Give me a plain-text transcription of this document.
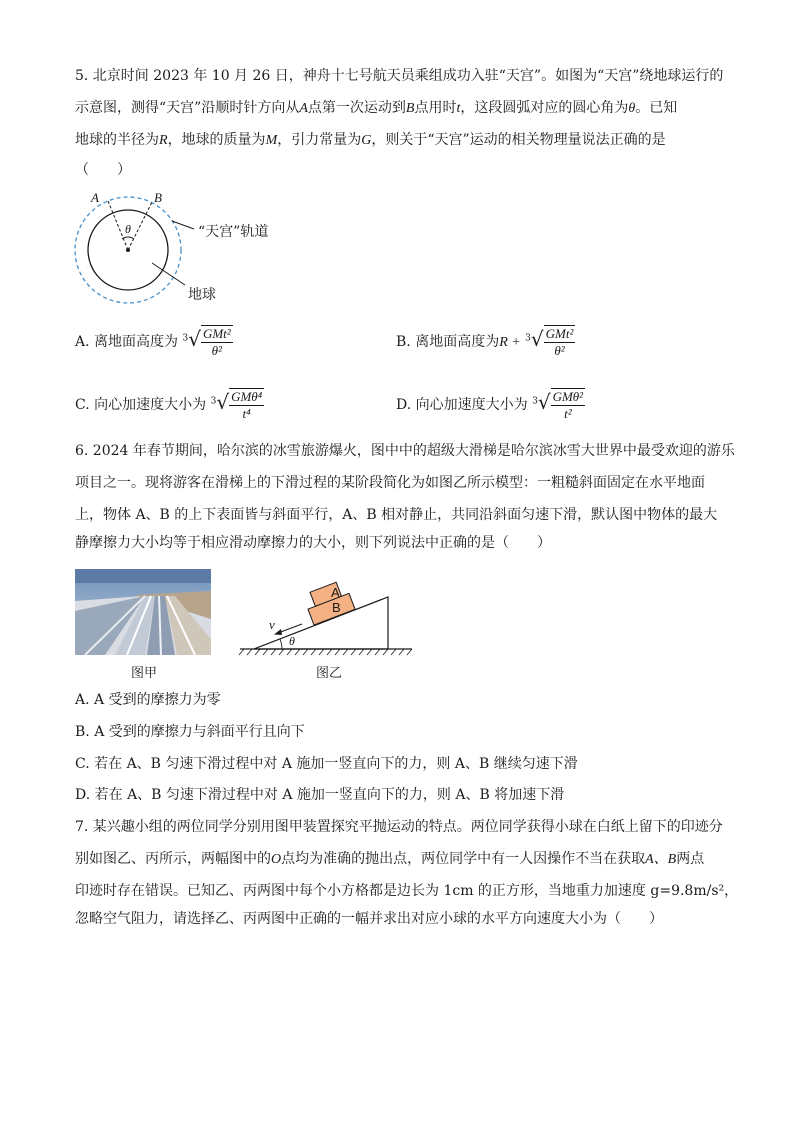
5. 北京时间 2023 年 10 月 26 日，神舟十七号航天员乘组成功入驻“天宫”。如图为“天宫”绕地球运行的
示意图，测得“天宫”沿顺时针方向从A点第一次运动到B点用时t，这段圆弧对应的圆心角为θ。已知
地球的半径为R，地球的质量为M，引力常量为G，则关于“天宫”运动的相关物理量说法正确的是
（　　）
A	B
θ	“天宫”轨道
地球
A. 离地面高度为 $^3√ \frac{\text{GMt²}}{\text{θ²}}$	B. 离地面高度为$R + ^3√ \frac{\text{GMt²}}{\text{θ²}}$
C. 向心加速度大小为 $^3√ \frac{\text{GMθ⁴}}{\text{t⁴}}$	D. 向心加速度大小为 $^3√ \frac{\text{GMθ²}}{\text{t²}}$
6. 2024 年春节期间，哈尔滨的冰雪旅游爆火，图中中的超级大滑梯是哈尔滨冰雪大世界中最受欢迎的游乐
项目之一。现将游客在滑梯上的下滑过程的某阶段简化为如图乙所示模型：一粗糙斜面固定在水平地面
上，物体 A、B 的上下表面皆与斜面平行，A、B 相对静止，共同沿斜面匀速下滑，默认图中物体的最大
静摩擦力大小均等于相应滑动摩擦力的大小，则下列说法中正确的是（　　）
图甲
A
B
v
θ
图乙
A. A 受到的摩擦力为零
B. A 受到的摩擦力与斜面平行且向下
C. 若在 A、B 匀速下滑过程中对 A 施加一竖直向下的力，则 A、B 继续匀速下滑
D. 若在 A、B 匀速下滑过程中对 A 施加一竖直向下的力，则 A、B 将加速下滑
7. 某兴趣小组的两位同学分别用图甲装置探究平抛运动的特点。两位同学获得小球在白纸上留下的印迹分
别如图乙、丙所示，两幅图中的O点均为准确的抛出点，两位同学中有一人因操作不当在获取A、B两点
印迹时存在错误。已知乙、丙两图中每个小方格都是边长为 1cm 的正方形，当地重力加速度 g=9.8m/s²，
忽略空气阻力，请选择乙、丙两图中正确的一幅并求出对应小球的水平方向速度大小为（　　）
